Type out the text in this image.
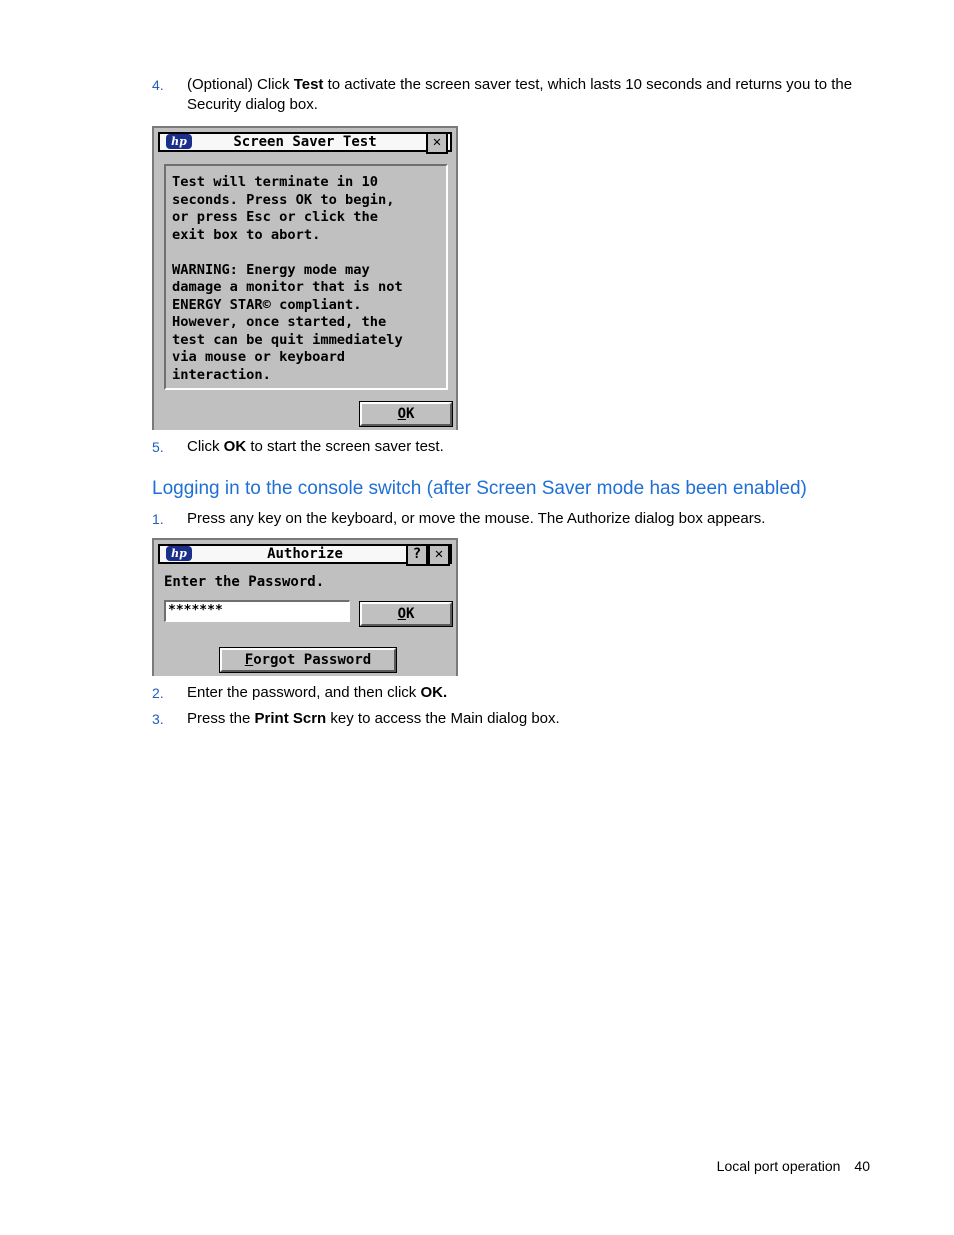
4. (Optional) Click Test to activate the screen saver test, which lasts 10 seconds and returns you to the Security dialog box.
hp	Screen Saver Test	✕
Test will terminate in 10
seconds. Press OK to begin,
or press Esc or click the
exit box to abort.

WARNING: Energy mode may
damage a monitor that is not
ENERGY STAR© compliant.
However, once started, the
test can be quit immediately
via mouse or keyboard
interaction.
OK
5. Click OK to start the screen saver test.
Logging in to the console switch (after Screen Saver mode has been enabled)
1. Press any key on the keyboard, or move the mouse. The Authorize dialog box appears.
hp	Authorize	? ✕
Enter the Password.
*******	OK
Forgot Password
2. Enter the password, and then click OK.
3. Press the Print Scrn key to access the Main dialog box.
Local port operation 40
